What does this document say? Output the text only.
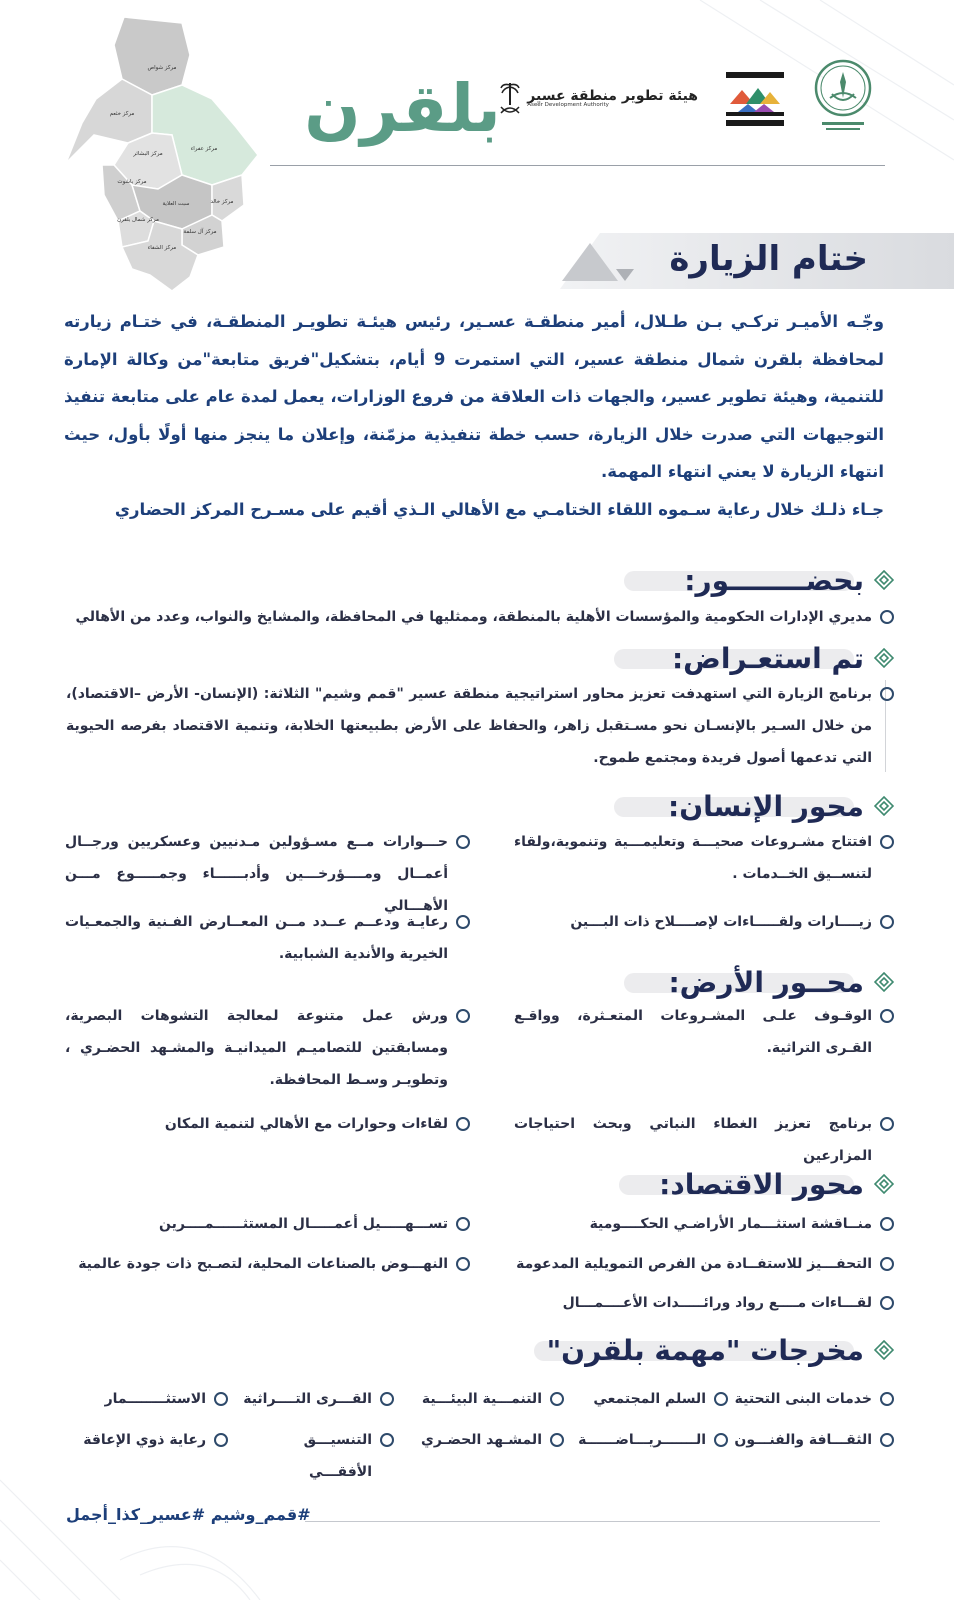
هيئة تطوير منطقة عسير
Aseer Development Authority
بلقرن
مركز شواص
مركز خثعم
مركز البشائر
مركز عفراء
مركز باشوت
سبت العلاية	مركز خالد
مركز شمال بلقرن
مركز آل سلمة
مركز الشفاء	ختام الزيارة

وجّـه الأميـر تركـي بـن طـلال، أمير منطقـة عسـير، رئيس هيئـة تطويـر المنطقـة، في ختـام زيارته لمحافظة بلقرن شمال منطقة عسير، التي استمرت 9 أيام، بتشكيل"فريق متابعة"من وكالة الإمارة للتنمية، وهيئة تطوير عسير، والجهات ذات العلاقة من فروع الوزارات، يعمل لمدة عام على متابعة تنفيذ التوجيهات التي صدرت خلال الزيارة، حسب خطة تنفيذية مزمّنة، وإعلان ما ينجز منها أولًا بأول، حيث انتهاء الزيارة لا يعني انتهاء المهمة.

جـاء ذلـك خلال رعاية سـموه اللقاء الختامـي مع الأهالي الـذي أقيم على مسـرح المركز الحضاري

بحضــــــــور:
مديري الإدارات الحكومية والمؤسسات الأهلية بالمنطقة، وممثليها في المحافظة، والمشايخ والنواب، وعدد من الأهالي
تم استعـراض:
برنامج الزيارة التي استهدفت تعزيز محاور استراتيجية منطقة عسير "قمم وشيم" الثلاثة: (الإنسان- الأرض –الاقتصاد)، من خلال السـير بالإنسـان نحو مسـتقبل زاهر، والحفاظ على الأرض بطبيعتها الخلابة، وتنمية الاقتصاد بفرصه الحيوية التي تدعمها أصول فريدة ومجتمع طموح.
محور الإنسان:
افتتاح مشـروعات صحيـــة وتعليمـــية وتنموية،ولقاء لتنســيق الخــدمات .
حـــوارات مــع مسـؤولين مـدنيين وعسكريين ورجــال أعمــال ومــــؤرخـــين وأدبــــــاء وجمـــــوع مـــن الأهـــالي
زيــــارات ولقـــــاءات لإصــــلاح ذات البـــين
رعايـة ودعــم عــدد مــن المعــارض الفـنية والجمعـيات الخيرية والأندية الشبابية.
محــور الأرض:
الوقـوف علـى المشـروعات المتعـثرة، وواقـع القـرى التراثية.
ورش عمل متنوعة لمعالجة التشوهات البصرية، ومسابقتين للتصاميـم الميدانيـة والمشـهد الحضـري ، وتطويـر وسـط المحافظة.
برنامج تعزيز الغطاء النباتي وبحث احتياجات المزارعين
لقاءات وحوارات مع الأهالي لتنمية المكان
محور الاقتصاد:
منــاقشة استثـــمار الأراضـي الحكــــومية
تســـهـــــيل أعمـــــال المستثــــــمــــرين
التحفـــيز للاستفــادة من الفرص التمويلية المدعومة
النهـــوض بالصناعات المحلية، لتصـبح ذات جودة عالمية
لقـــاءات مــــع رواد ورائـــــدات الأعــــمـــال
مخرجات "مهمة بلقرن"
خدمات البنى التحتية
السلم المجتمعي
التنمـــية البيئـــية
القـــرى التــــراثية
الاستثــــــــمار
الثقـــافة والفنـــون
الـــــــريـــاضــــــة
المشـهد الحضـري
التنسيـــق الأفقـــي
رعاية ذوي الإعاقة
#قمم_وشيم #عسير_كذا_أجمل
